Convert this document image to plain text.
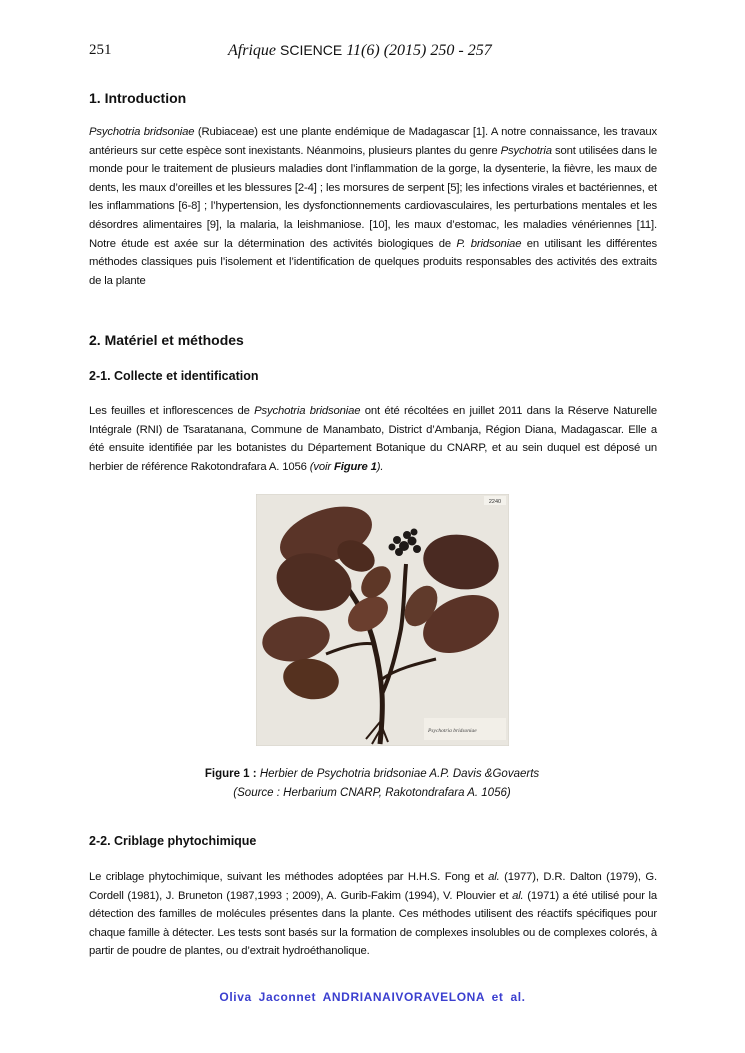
251	Afrique SCIENCE 11(6) (2015) 250 - 257
1. Introduction

Psychotria bridsoniae (Rubiaceae) est une plante endémique de Madagascar [1]. A notre connaissance, les travaux antérieurs sur cette espèce sont inexistants. Néanmoins, plusieurs plantes du genre Psychotria sont utilisées dans le monde pour le traitement de plusieurs maladies dont l’inflammation de la gorge, la dysenterie, la fièvre, les maux de dents, les maux d’oreilles et les blessures [2-4] ; les morsures de serpent [5]; les infections virales et bactériennes, et les inflammations [6-8] ; l’hypertension, les dysfonctionnements cardiovasculaires, les perturbations mentales et les désordres alimentaires [9], la malaria, la leishmaniose. [10], les maux d’estomac, les maladies vénériennes [11]. Notre étude est axée sur la détermination des activités biologiques de P. bridsoniae en utilisant les différentes méthodes classiques puis l’isolement et l’identification de quelques produits responsables des activités des extraits de la plante

2. Matériel et méthodes
2-1. Collecte et identification

Les feuilles et inflorescences de Psychotria bridsoniae ont été récoltées en juillet 2011 dans la Réserve Naturelle Intégrale (RNI) de Tsaratanana, Commune de Manambato, District d’Ambanja, Région Diana, Madagascar. Elle a été ensuite identifiée par les botanistes du Département Botanique du CNARP, et au sein duquel est déposé un herbier de référence Rakotondrafara A. 1056 (voir Figure 1).

2240
Psychotria bridsoniae
Figure 1 : Herbier de Psychotria bridsoniae A.P. Davis &Govaerts
(Source : Herbarium CNARP, Rakotondrafara A. 1056)
2-2. Criblage phytochimique

Le criblage phytochimique, suivant les méthodes adoptées par H.H.S. Fong et al. (1977), D.R. Dalton (1979), G. Cordell (1981), J. Bruneton (1987,1993 ; 2009), A. Gurib-Fakim (1994), V. Plouvier et al. (1971) a été utilisé pour la détection des familles de molécules présentes dans la plante. Ces méthodes utilisent des réactifs spécifiques pour chaque famille à détecter. Les tests sont basés sur la formation de complexes insolubles ou de complexes colorés, à partir de poudre de plantes, ou d’extrait hydroéthanolique.

Oliva Jaconnet ANDRIANAIVORAVELONA et al.
